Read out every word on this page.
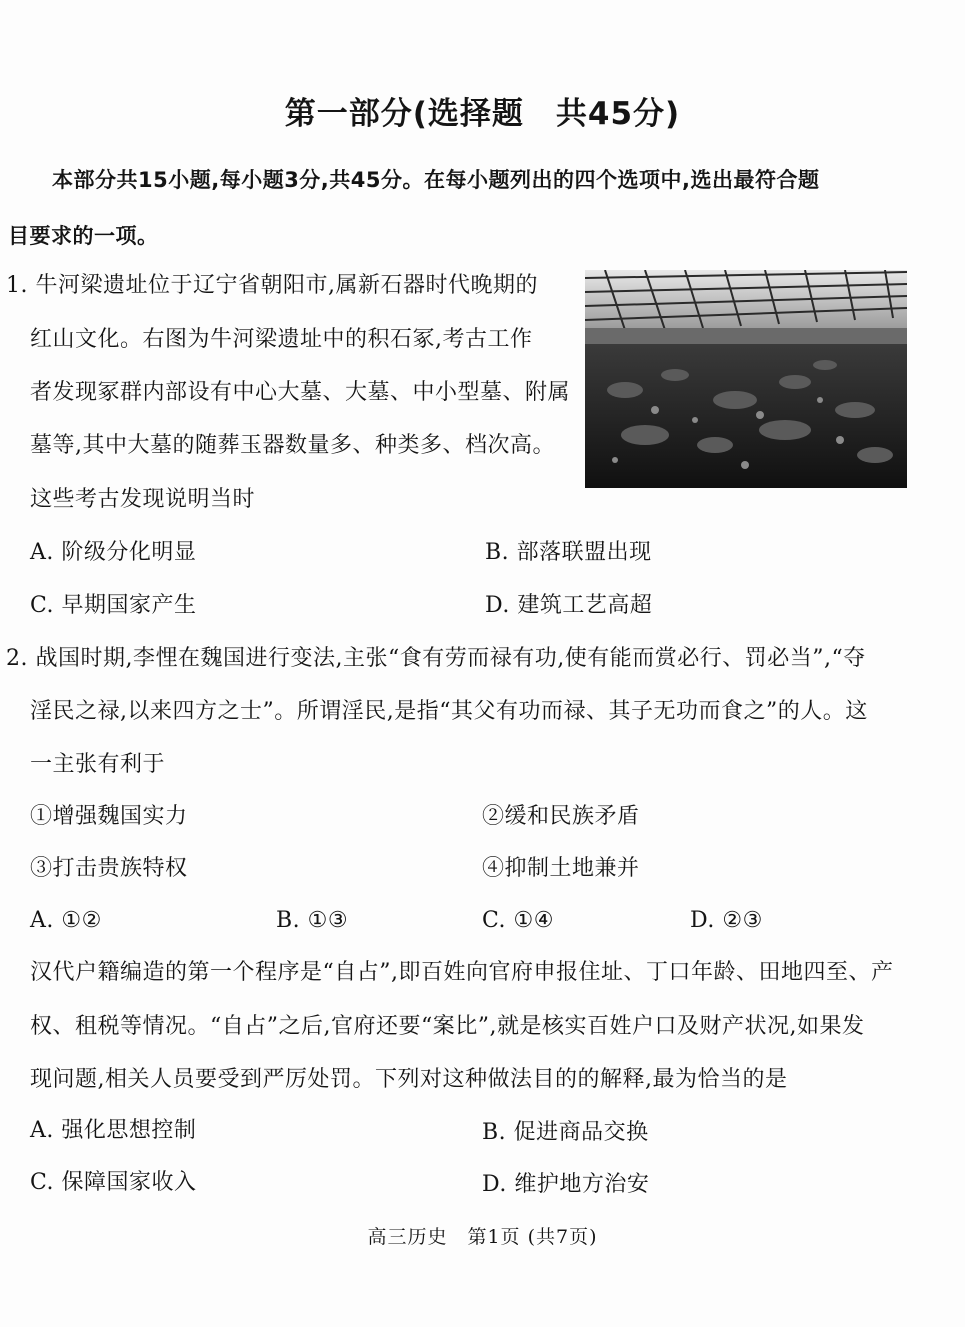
第一部分(选择题　共45分)
本部分共15小题,每小题3分,共45分。在每小题列出的四个选项中,选出最符合题
目要求的一项。
1. 牛河梁遗址位于辽宁省朝阳市,属新石器时代晚期的
红山文化。右图为牛河梁遗址中的积石冢,考古工作
者发现冢群内部设有中心大墓、大墓、中小型墓、附属
墓等,其中大墓的随葬玉器数量多、种类多、档次高。
这些考古发现说明当时
A. 阶级分化明显	B. 部落联盟出现
C. 早期国家产生	D. 建筑工艺高超
2. 战国时期,李悝在魏国进行变法,主张“食有劳而禄有功,使有能而赏必行、罚必当”,“夺
淫民之禄,以来四方之士”。所谓淫民,是指“其父有功而禄、其子无功而食之”的人。这
一主张有利于
①增强魏国实力	②缓和民族矛盾
③打击贵族特权	④抑制土地兼并
A. ①②	B. ①③	C. ①④	D. ②③
汉代户籍编造的第一个程序是“自占”,即百姓向官府申报住址、丁口年龄、田地四至、产
权、租税等情况。“自占”之后,官府还要“案比”,就是核实百姓户口及财产状况,如果发
现问题,相关人员要受到严厉处罚。下列对这种做法目的的解释,最为恰当的是
A. 强化思想控制	B. 促进商品交换
C. 保障国家收入	D. 维护地方治安
高三历史　第1页 (共7页)
